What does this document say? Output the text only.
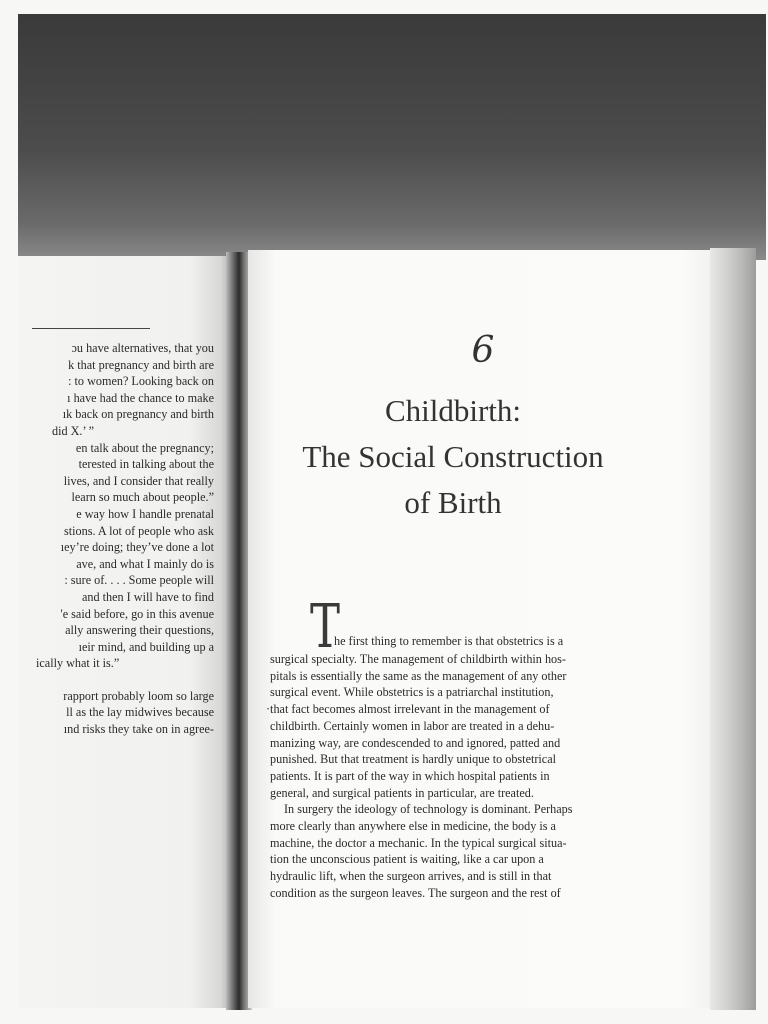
ɔu have alternatives, that you
k that pregnancy and birth are
: to women? Looking back on
ı have had the chance to make
ık back on pregnancy and birth
did X.’ ”
en talk about the pregnancy;
terested in talking about the
lives, and I consider that really
learn so much about people.”
e way how I handle prenatal
stions. A lot of people who ask
ıey’re doing; they’ve done a lot
ave, and what I mainly do is
: sure of. . . . Some people will
and then I will have to find
'e said before, go in this avenue
ally answering their questions,
ıeir mind, and building up a
ically what it is.”
rapport probably loom so large
ll as the lay midwives because
ınd risks they take on in agree-
6
Childbirth:
The Social Construction
of Birth
T
he first thing to remember is that obstetrics is a
surgical specialty. The management of childbirth within hos-
pitals is essentially the same as the management of any other
surgical event. While obstetrics is a patriarchal institution,
·that fact becomes almost irrelevant in the management of
childbirth. Certainly women in labor are treated in a dehu-
manizing way, are condescended to and ignored, patted and
punished. But that treatment is hardly unique to obstetrical
patients. It is part of the way in which hospital patients in
general, and surgical patients in particular, are treated.
In surgery the ideology of technology is dominant. Perhaps
more clearly than anywhere else in medicine, the body is a
machine, the doctor a mechanic. In the typical surgical situa-
tion the unconscious patient is waiting, like a car upon a
hydraulic lift, when the surgeon arrives, and is still in that
condition as the surgeon leaves. The surgeon and the rest of
